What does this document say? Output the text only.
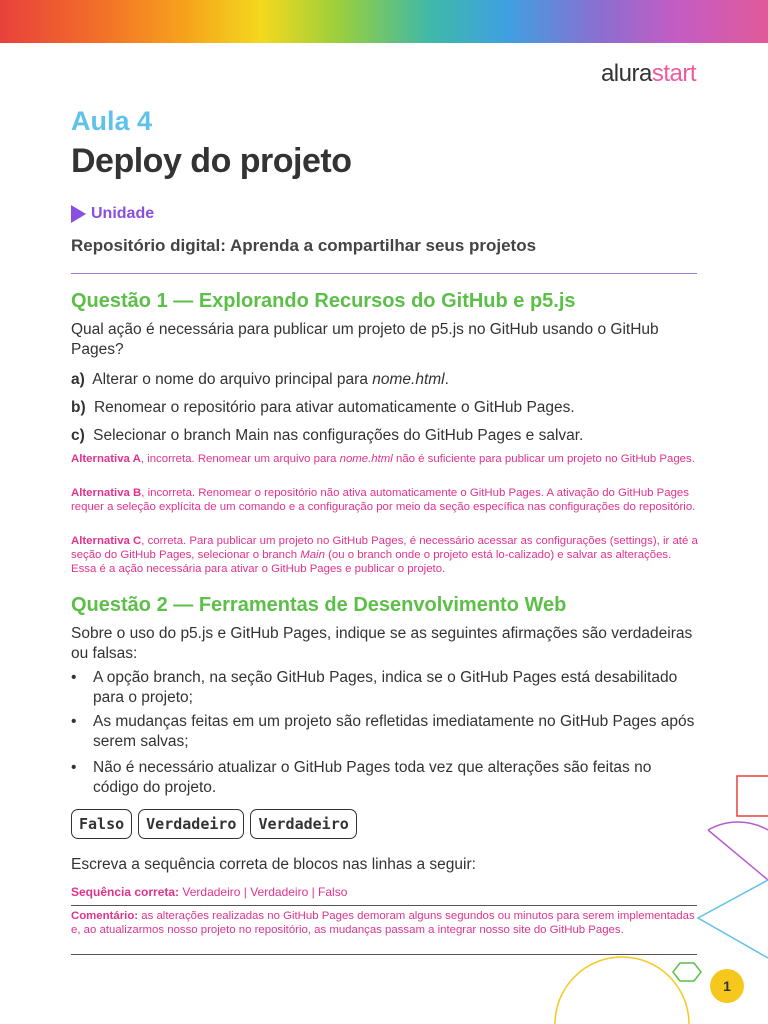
alurastart
Aula 4
Deploy do projeto
Unidade
Repositório digital: Aprenda a compartilhar seus projetos
Questão 1 — Explorando Recursos do GitHub e p5.js
Qual ação é necessária para publicar um projeto de p5.js no GitHub usando o GitHub Pages?
a) Alterar o nome do arquivo principal para nome.html.
b) Renomear o repositório para ativar automaticamente o GitHub Pages.
c) Selecionar o branch Main nas configurações do GitHub Pages e salvar.
Alternativa A, incorreta. Renomear um arquivo para nome.html não é suficiente para publicar um projeto no GitHub Pages.
Alternativa B, incorreta. Renomear o repositório não ativa automaticamente o GitHub Pages. A ativação do GitHub Pages requer a seleção explícita de um comando e a configuração por meio da seção específica nas configurações do repositório.
Alternativa C, correta. Para publicar um projeto no GitHub Pages, é necessário acessar as configurações (settings), ir até a seção do GitHub Pages, selecionar o branch Main (ou o branch onde o projeto está lo-calizado) e salvar as alterações. Essa é a ação necessária para ativar o GitHub Pages e publicar o projeto.
Questão 2 — Ferramentas de Desenvolvimento Web
Sobre o uso do p5.js e GitHub Pages, indique se as seguintes afirmações são verdadeiras ou falsas:
• A opção branch, na seção GitHub Pages, indica se o GitHub Pages está desabilitado para o projeto;
• As mudanças feitas em um projeto são refletidas imediatamente no GitHub Pages após serem salvas;
• Não é necessário atualizar o GitHub Pages toda vez que alterações são feitas no código do projeto.
Falso	Verdadeiro	Verdadeiro
Escreva a sequência correta de blocos nas linhas a seguir:
Sequência correta: Verdadeiro | Verdadeiro | Falso
Comentário: as alterações realizadas no GitHub Pages demoram alguns segundos ou minutos para serem implementadas e, ao atualizarmos nosso projeto no repositório, as mudanças passam a integrar nosso site do GitHub Pages.
1
